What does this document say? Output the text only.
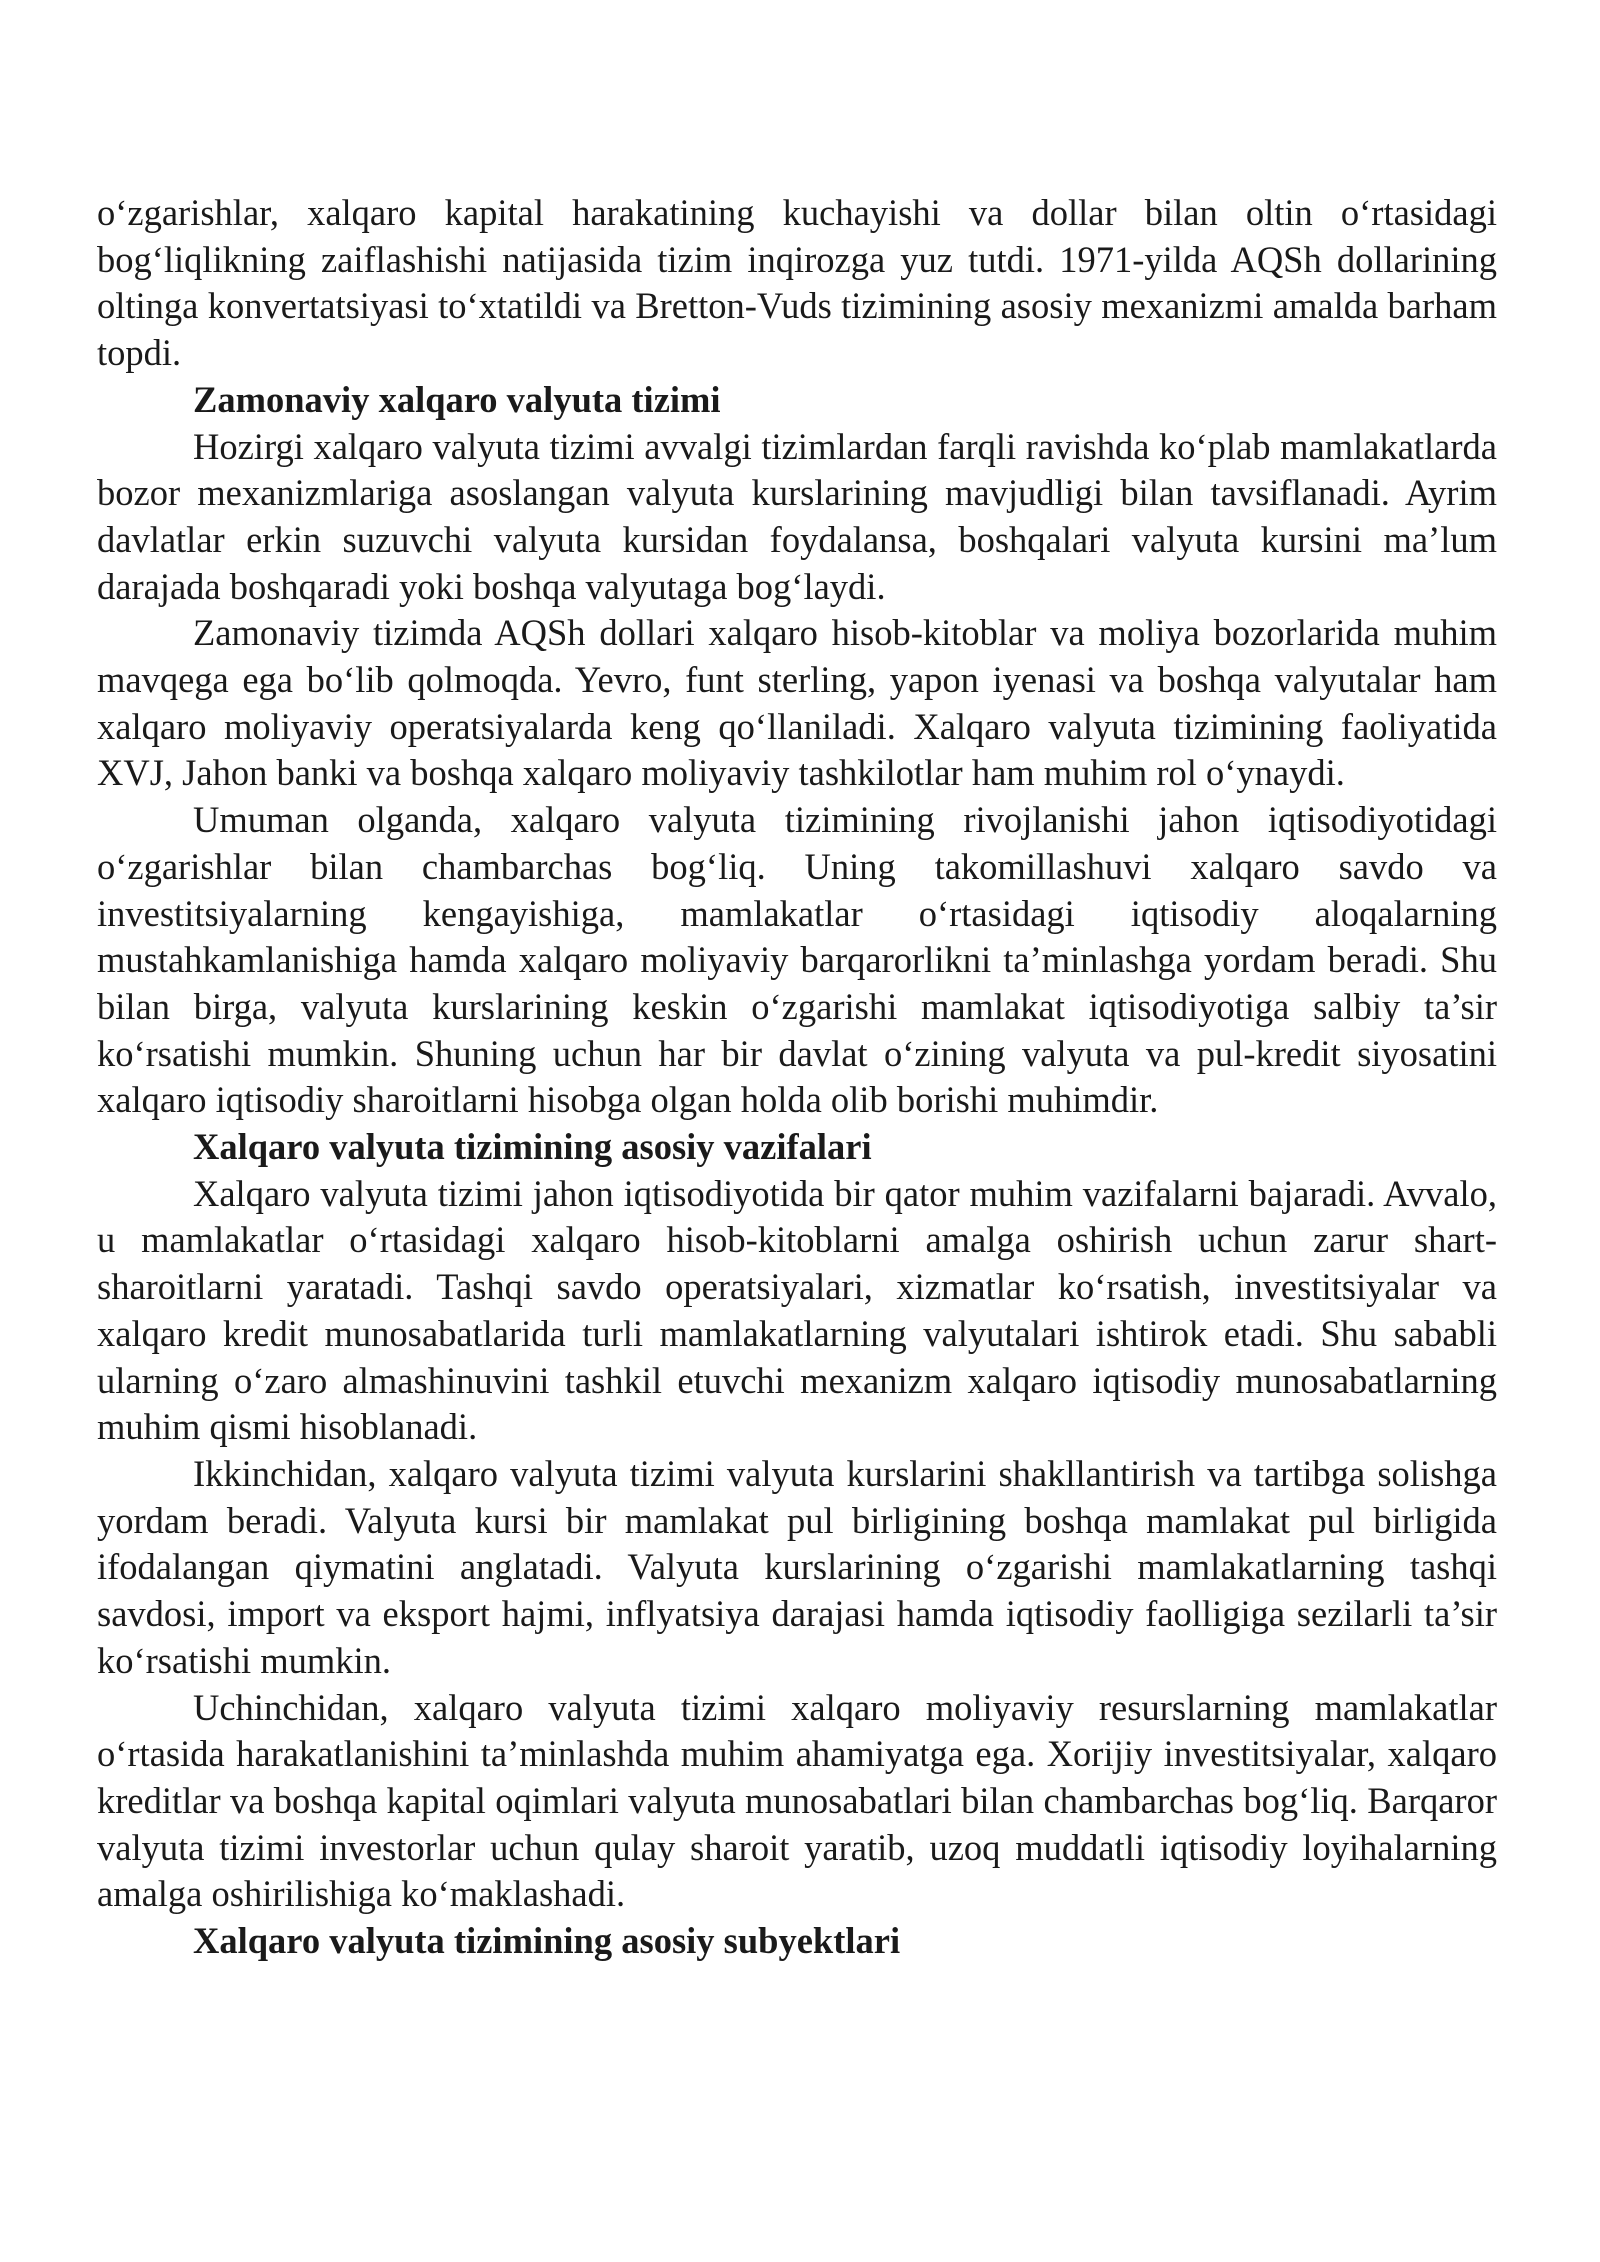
o‘zgarishlar, xalqaro kapital harakatining kuchayishi va dollar bilan oltin o‘rtasidagi bog‘liqlikning zaiflashishi natijasida tizim inqirozga yuz tutdi. 1971-yilda AQSh dollarining oltinga konvertatsiyasi to‘xtatildi va Bretton-Vuds tizimining asosiy mexanizmi amalda barham topdi.

Zamonaviy xalqaro valyuta tizimi

Hozirgi xalqaro valyuta tizimi avvalgi tizimlardan farqli ravishda ko‘plab mamlakatlarda bozor mexanizmlariga asoslangan valyuta kurslarining mavjudligi bilan tavsiflanadi. Ayrim davlatlar erkin suzuvchi valyuta kursidan foydalansa, boshqalari valyuta kursini ma’lum darajada boshqaradi yoki boshqa valyutaga bog‘laydi.

Zamonaviy tizimda AQSh dollari xalqaro hisob-kitoblar va moliya bozorlarida muhim mavqega ega bo‘lib qolmoqda. Yevro, funt sterling, yapon iyenasi va boshqa valyutalar ham xalqaro moliyaviy operatsiyalarda keng qo‘llaniladi. Xalqaro valyuta tizimining faoliyatida XVJ, Jahon banki va boshqa xalqaro moliyaviy tashkilotlar ham muhim rol o‘ynaydi.

Umuman olganda, xalqaro valyuta tizimining rivojlanishi jahon iqtisodiyotidagi o‘zgarishlar bilan chambarchas bog‘liq. Uning takomillashuvi xalqaro savdo va investitsiyalarning kengayishiga, mamlakatlar o‘rtasidagi iqtisodiy aloqalarning mustahkamlanishiga hamda xalqaro moliyaviy barqarorlikni ta’minlashga yordam beradi. Shu bilan birga, valyuta kurslarining keskin o‘zgarishi mamlakat iqtisodiyotiga salbiy ta’sir ko‘rsatishi mumkin. Shuning uchun har bir davlat o‘zining valyuta va pul-kredit siyosatini xalqaro iqtisodiy sharoitlarni hisobga olgan holda olib borishi muhimdir.

Xalqaro valyuta tizimining asosiy vazifalari

Xalqaro valyuta tizimi jahon iqtisodiyotida bir qator muhim vazifalarni bajaradi. Avvalo, u mamlakatlar o‘rtasidagi xalqaro hisob-kitoblarni amalga oshirish uchun zarur shart-sharoitlarni yaratadi. Tashqi savdo operatsiyalari, xizmatlar ko‘rsatish, investitsiyalar va xalqaro kredit munosabatlarida turli mamlakatlarning valyutalari ishtirok etadi. Shu sababli ularning o‘zaro almashinuvini tashkil etuvchi mexanizm xalqaro iqtisodiy munosabatlarning muhim qismi hisoblanadi.

Ikkinchidan, xalqaro valyuta tizimi valyuta kurslarini shakllantirish va tartibga solishga yordam beradi. Valyuta kursi bir mamlakat pul birligining boshqa mamlakat pul birligida ifodalangan qiymatini anglatadi. Valyuta kurslarining o‘zgarishi mamlakatlarning tashqi savdosi, import va eksport hajmi, inflyatsiya darajasi hamda iqtisodiy faolligiga sezilarli ta’sir ko‘rsatishi mumkin.

Uchinchidan, xalqaro valyuta tizimi xalqaro moliyaviy resurslarning mamlakatlar o‘rtasida harakatlanishini ta’minlashda muhim ahamiyatga ega. Xorijiy investitsiyalar, xalqaro kreditlar va boshqa kapital oqimlari valyuta munosabatlari bilan chambarchas bog‘liq. Barqaror valyuta tizimi investorlar uchun qulay sharoit yaratib, uzoq muddatli iqtisodiy loyihalarning amalga oshirilishiga ko‘maklashadi.

Xalqaro valyuta tizimining asosiy subyektlari
